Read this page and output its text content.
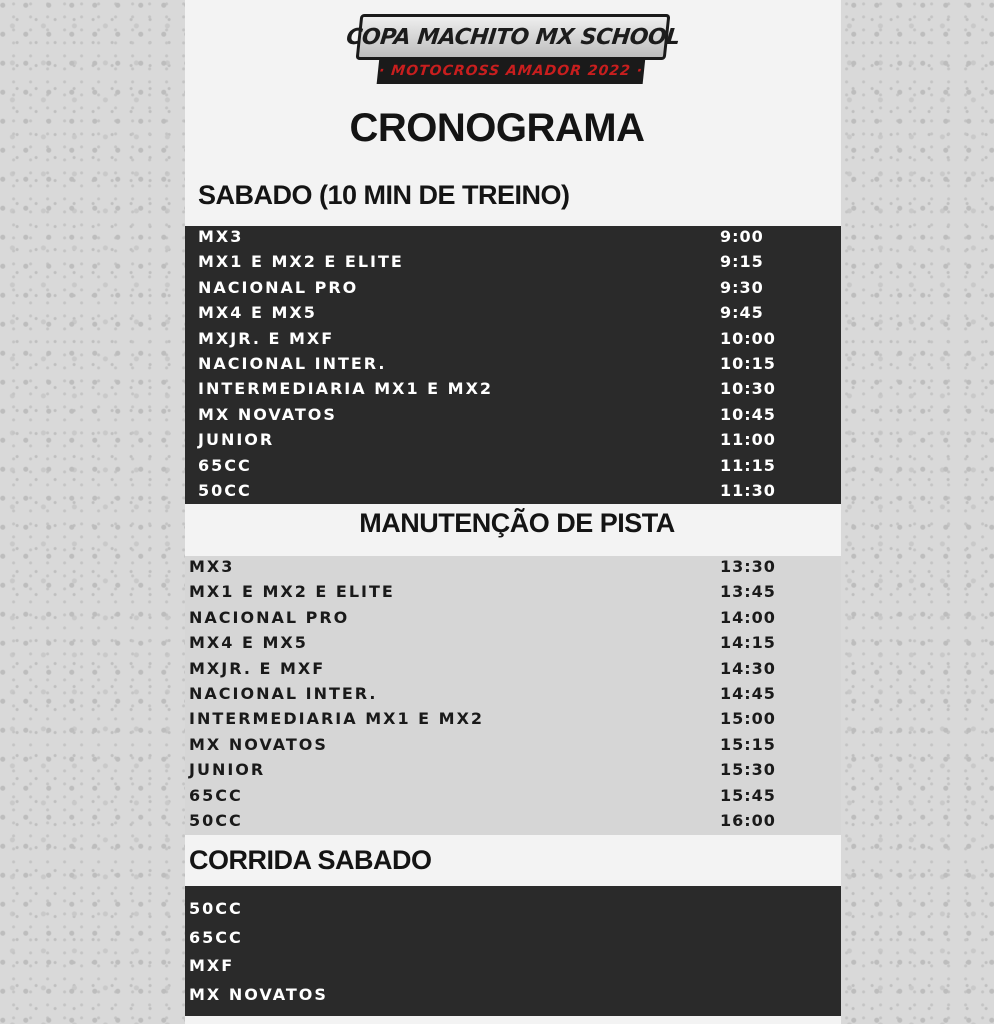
COPA MACHITO MX SCHOOL
· MOTOCROSS AMADOR 2022 ·
CRONOGRAMA
SABADO (10 MIN DE TREINO)
MX3	9:00
MX1 E MX2 E ELITE	9:15
NACIONAL PRO	9:30
MX4 E MX5	9:45
MXJR. E MXF	10:00
NACIONAL INTER.	10:15
INTERMEDIARIA MX1 E MX2	10:30
MX NOVATOS	10:45
JUNIOR	11:00
65CC	11:15
50CC	11:30
MANUTENÇÃO DE PISTA
MX3	13:30
MX1 E MX2 E ELITE	13:45
NACIONAL PRO	14:00
MX4 E MX5	14:15
MXJR. E MXF	14:30
NACIONAL INTER.	14:45
INTERMEDIARIA MX1 E MX2	15:00
MX NOVATOS	15:15
JUNIOR	15:30
65CC	15:45
50CC	16:00
CORRIDA SABADO
50CC
65CC
MXF
MX NOVATOS
